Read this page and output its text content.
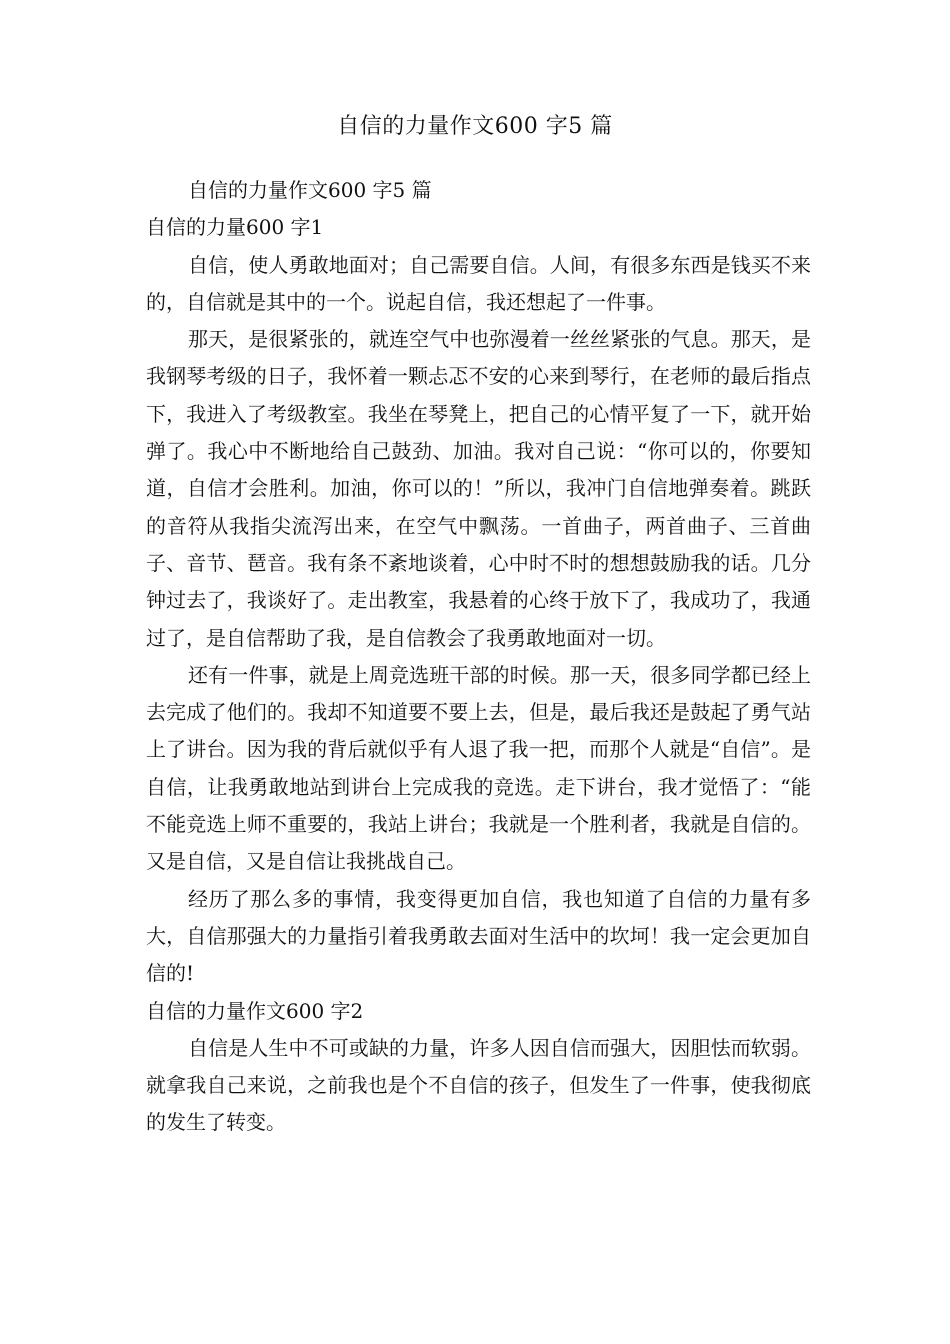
自信的力量作文600 字5 篇

自信的力量作文600 字5 篇

自信的力量600 字1

自信，使人勇敢地面对；自己需要自信。人间，有很多东西是钱买不来的，自信就是其中的一个。说起自信，我还想起了一件事。

那天，是很紧张的，就连空气中也弥漫着一丝丝紧张的气息。那天，是我钢琴考级的日子，我怀着一颗忐忑不安的心来到琴行，在老师的最后指点下，我进入了考级教室。我坐在琴凳上，把自己的心情平复了一下，就开始弹了。我心中不断地给自己鼓劲、加油。我对自己说：“你可以的，你要知道，自信才会胜利。加油，你可以的！”所以，我冲门自信地弹奏着。跳跃的音符从我指尖流泻出来，在空气中飘荡。一首曲子，两首曲子、三首曲子、音节、琶音。我有条不紊地谈着，心中时不时的想想鼓励我的话。几分钟过去了，我谈好了。走出教室，我悬着的心终于放下了，我成功了，我通过了，是自信帮助了我，是自信教会了我勇敢地面对一切。

还有一件事，就是上周竞选班干部的时候。那一天，很多同学都已经上去完成了他们的。我却不知道要不要上去，但是，最后我还是鼓起了勇气站上了讲台。因为我的背后就似乎有人退了我一把，而那个人就是“自信”。是自信，让我勇敢地站到讲台上完成我的竞选。走下讲台，我才觉悟了：“能不能竞选上师不重要的，我站上讲台；我就是一个胜利者，我就是自信的。又是自信，又是自信让我挑战自己。

经历了那么多的事情，我变得更加自信，我也知道了自信的力量有多大，自信那强大的力量指引着我勇敢去面对生活中的坎坷！我一定会更加自信的!

自信的力量作文600 字2

自信是人生中不可或缺的力量，许多人因自信而强大，因胆怯而软弱。就拿我自己来说，之前我也是个不自信的孩子，但发生了一件事，使我彻底的发生了转变。
